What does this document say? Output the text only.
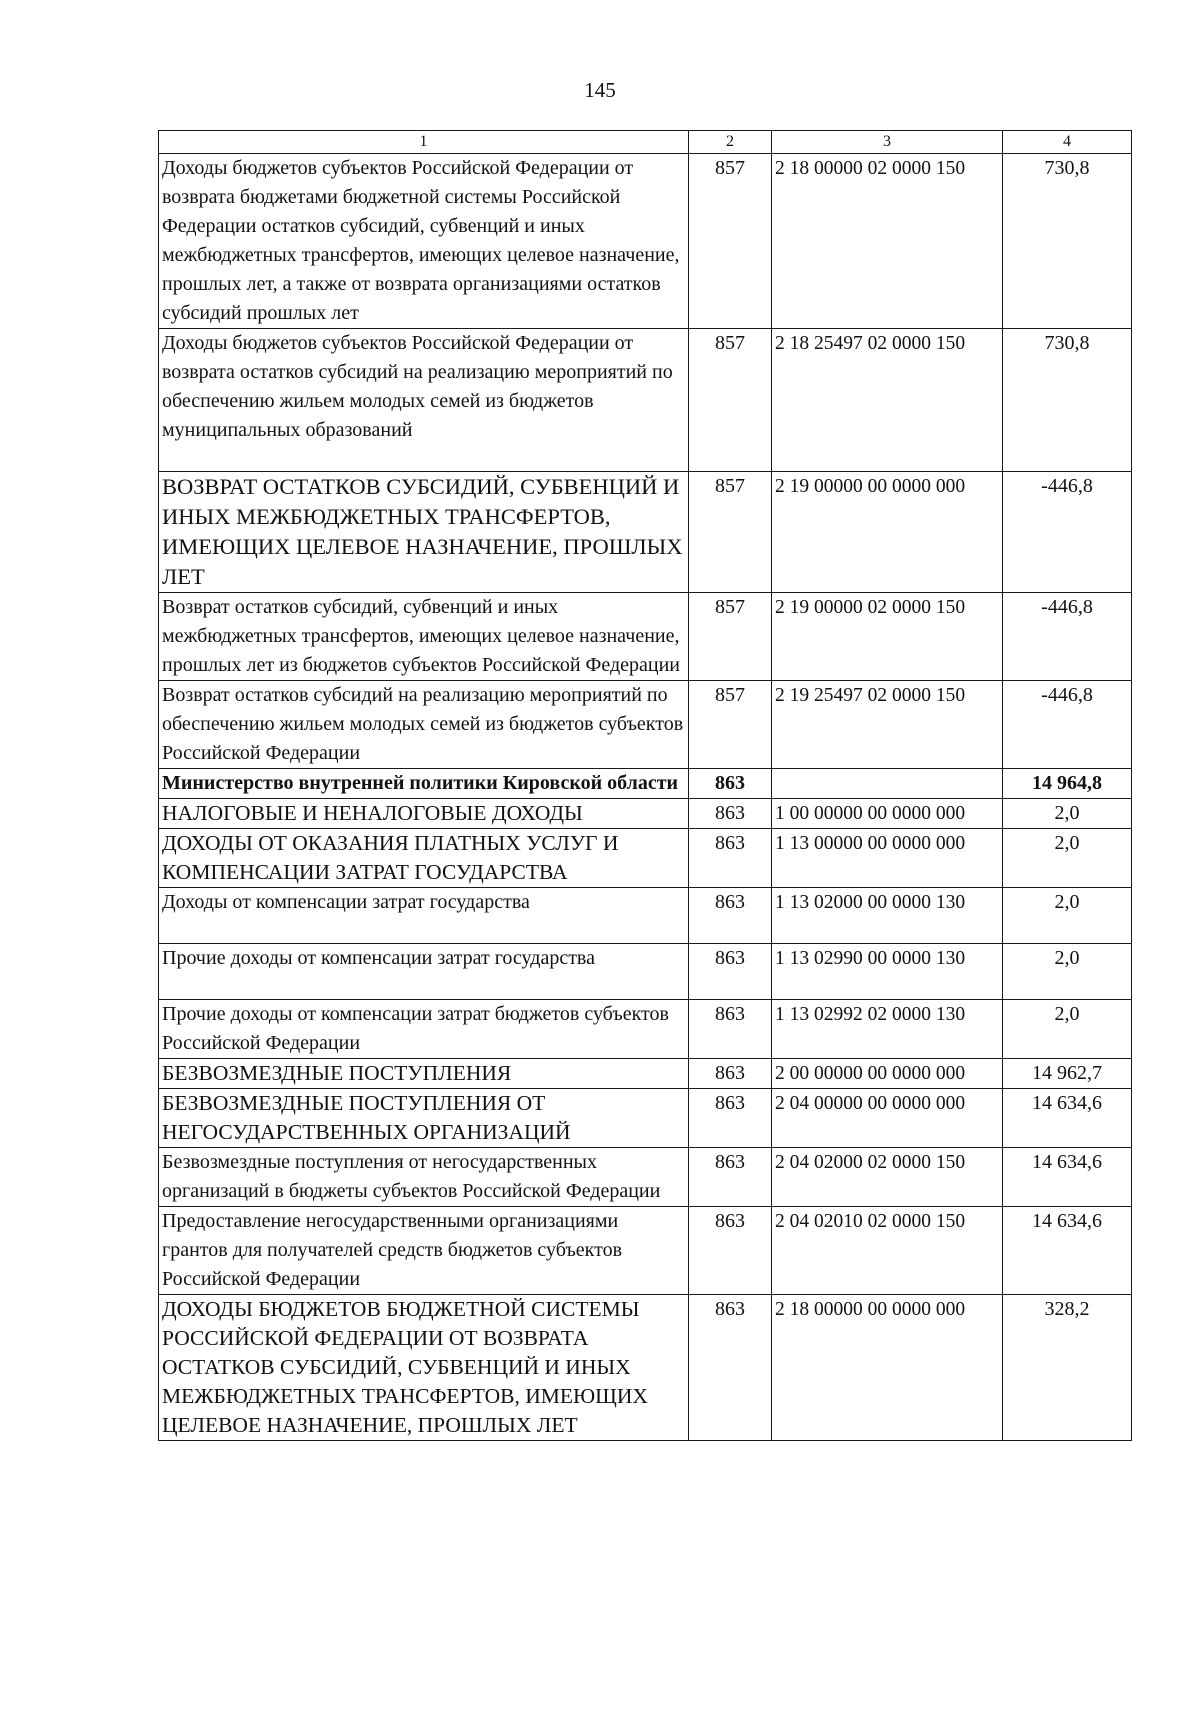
145
1	2	3	4
Доходы бюджетов субъектов Российской Федерации от возврата бюджетами бюджетной системы Российской Федерации остатков субсидий, субвенций и иных межбюджетных трансфертов, имеющих целевое назначение, прошлых лет, а также от возврата организациями остатков субсидий прошлых лет	857	2 18 00000 02 0000 150	730,8
Доходы бюджетов субъектов Российской Федерации от возврата остатков субсидий на реализацию мероприятий по обеспечению жильем молодых семей из бюджетов муниципальных образований	857	2 18 25497 02 0000 150	730,8
ВОЗВРАТ ОСТАТКОВ СУБСИДИЙ, СУБВЕНЦИЙ И ИНЫХ МЕЖБЮДЖЕТНЫХ ТРАНСФЕРТОВ, ИМЕЮЩИХ ЦЕЛЕВОЕ НАЗНАЧЕНИЕ, ПРОШЛЫХ ЛЕТ	857	2 19 00000 00 0000 000	-446,8
Возврат остатков субсидий, субвенций и иных межбюджетных трансфертов, имеющих целевое назначение, прошлых лет из бюджетов субъектов Российской Федерации	857	2 19 00000 02 0000 150	-446,8
Возврат остатков субсидий на реализацию мероприятий по обеспечению жильем молодых семей из бюджетов субъектов Российской Федерации	857	2 19 25497 02 0000 150	-446,8
Министерство внутренней политики Кировской области	863		14 964,8
НАЛОГОВЫЕ И НЕНАЛОГОВЫЕ ДОХОДЫ	863	1 00 00000 00 0000 000	2,0
ДОХОДЫ ОТ ОКАЗАНИЯ ПЛАТНЫХ УСЛУГ И КОМПЕНСАЦИИ ЗАТРАТ ГОСУДАРСТВА	863	1 13 00000 00 0000 000	2,0
Доходы от компенсации затрат государства	863	1 13 02000 00 0000 130	2,0
Прочие доходы от компенсации затрат государства	863	1 13 02990 00 0000 130	2,0
Прочие доходы от компенсации затрат бюджетов субъектов Российской Федерации	863	1 13 02992 02 0000 130	2,0
БЕЗВОЗМЕЗДНЫЕ ПОСТУПЛЕНИЯ	863	2 00 00000 00 0000 000	14 962,7
БЕЗВОЗМЕЗДНЫЕ ПОСТУПЛЕНИЯ ОТ НЕГОСУДАРСТВЕННЫХ ОРГАНИЗАЦИЙ	863	2 04 00000 00 0000 000	14 634,6
Безвозмездные поступления от негосударственных организаций в бюджеты субъектов Российской Федерации	863	2 04 02000 02 0000 150	14 634,6
Предоставление негосударственными организациями грантов для получателей средств бюджетов субъектов Российской Федерации	863	2 04 02010 02 0000 150	14 634,6
ДОХОДЫ БЮДЖЕТОВ БЮДЖЕТНОЙ СИСТЕМЫ РОССИЙСКОЙ ФЕДЕРАЦИИ ОТ ВОЗВРАТА ОСТАТКОВ СУБСИДИЙ, СУБВЕНЦИЙ И ИНЫХ МЕЖБЮДЖЕТНЫХ ТРАНСФЕРТОВ, ИМЕЮЩИХ ЦЕЛЕВОЕ НАЗНАЧЕНИЕ, ПРОШЛЫХ ЛЕТ	863	2 18 00000 00 0000 000	328,2
